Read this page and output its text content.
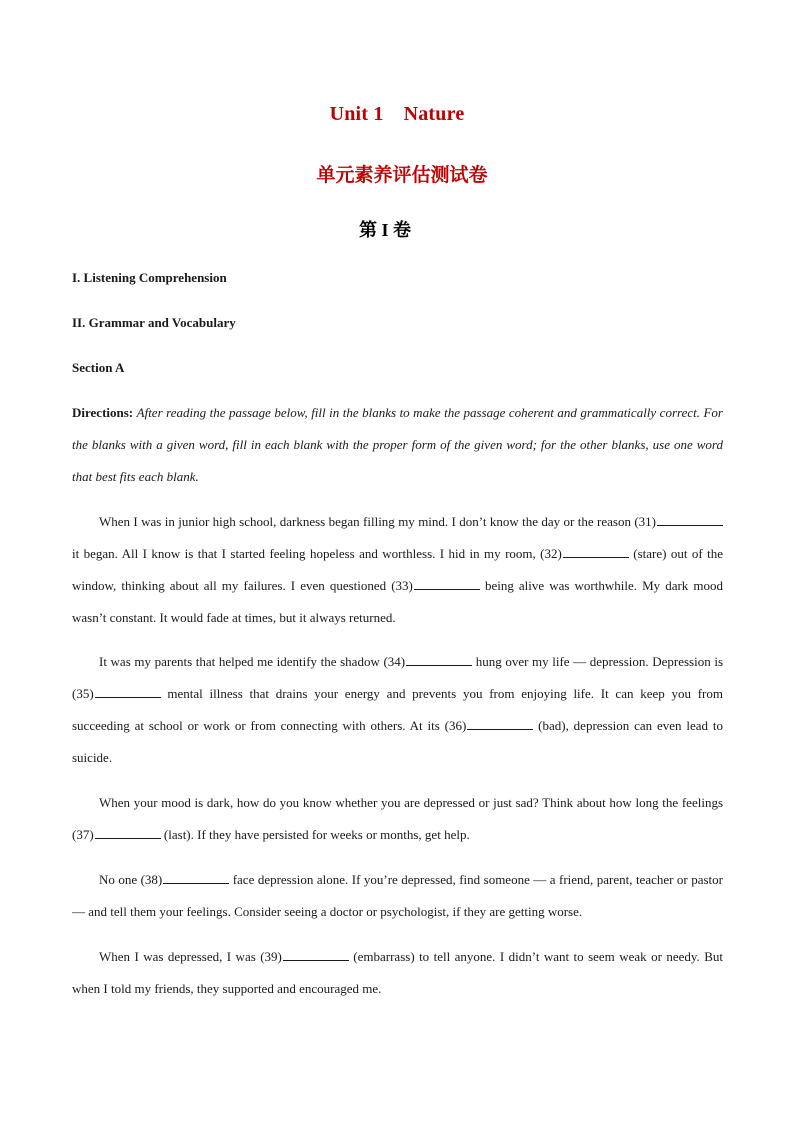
Unit 1 Nature
单元素养评估测试卷
第 I 卷
I. Listening Comprehension
II. Grammar and Vocabulary
Section A

Directions: After reading the passage below, fill in the blanks to make the passage coherent and grammatically correct. For the blanks with a given word, fill in each blank with the proper form of the given word; for the other blanks, use one word that best fits each blank.

When I was in junior high school, darkness began filling my mind. I don’t know the day or the reason (31) it began. All I know is that I started feeling hopeless and worthless. I hid in my room, (32)	(stare) out of the window, thinking about all my failures. I even questioned (33)	being alive was worthwhile. My dark mood wasn’t constant. It would fade at times, but it always returned.

It was my parents that helped me identify the shadow (34)	hung over my life — depression. Depression is (35)	mental illness that drains your energy and prevents you from enjoying life. It can keep you from succeeding at school or work or from connecting with others. At its (36)	(bad), depression can even lead to suicide.

When your mood is dark, how do you know whether you are depressed or just sad? Think about how long the feelings (37)	(last). If they have persisted for weeks or months, get help.

No one (38)	face depression alone. If you’re depressed, find someone — a friend, parent, teacher or pastor — and tell them your feelings. Consider seeing a doctor or psychologist, if they are getting worse.

When I was depressed, I was (39)	(embarrass) to tell anyone. I didn’t want to seem weak or needy. But when I told my friends, they supported and encouraged me.
